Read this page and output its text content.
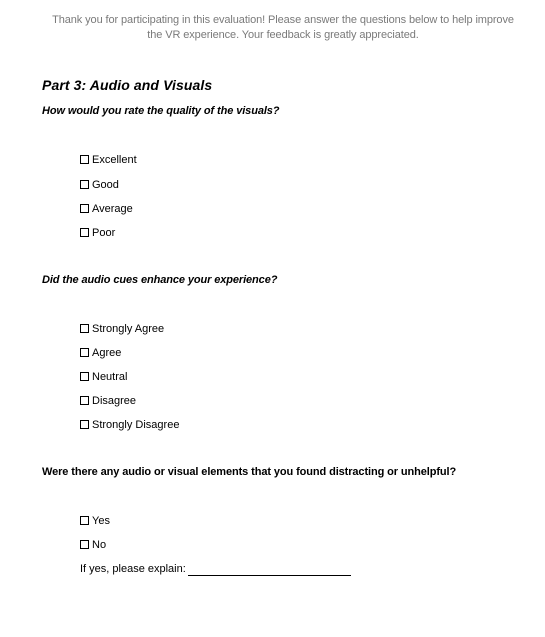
Thank you for participating in this evaluation! Please answer the questions below to help improve the VR experience. Your feedback is greatly appreciated.
Part 3: Audio and Visuals
How would you rate the quality of the visuals?
Excellent
Good
Average
Poor
Did the audio cues enhance your experience?
Strongly Agree
Agree
Neutral
Disagree
Strongly Disagree
Were there any audio or visual elements that you found distracting or unhelpful?
Yes
No
If yes, please explain:
